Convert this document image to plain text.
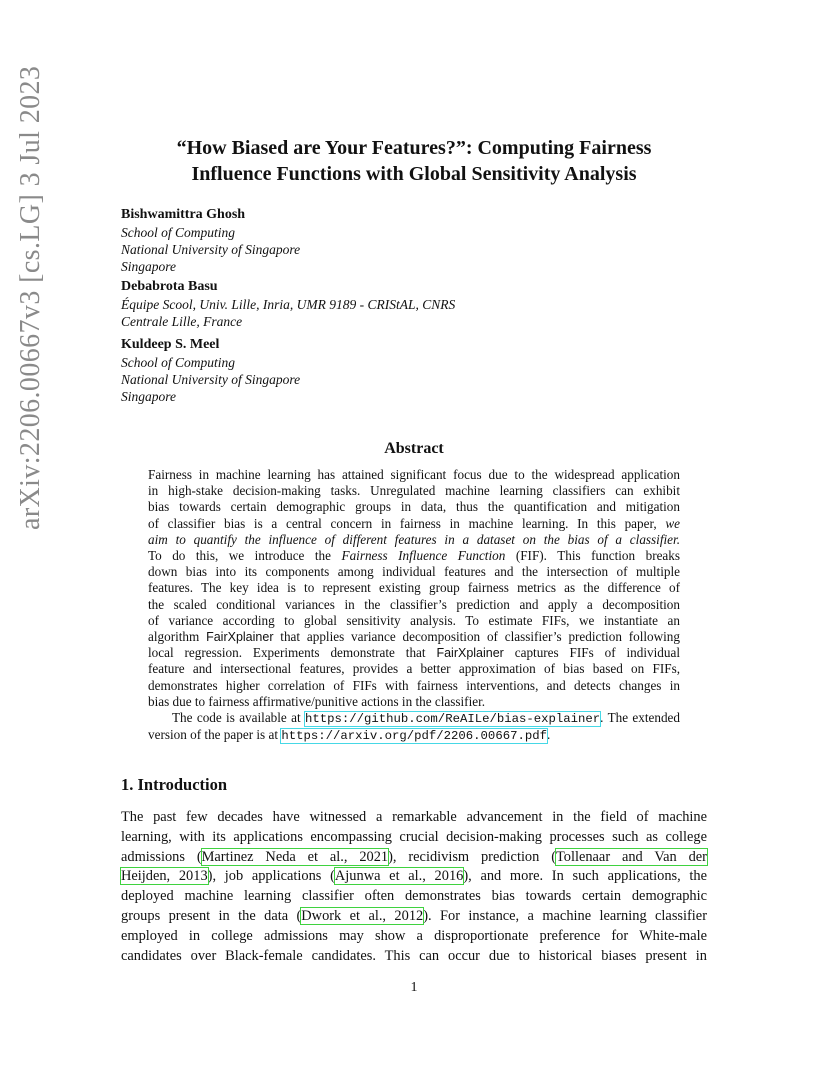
arXiv:2206.00667v3 [cs.LG] 3 Jul 2023	“How Biased are Your Features?”: Computing Fairness
Influence Functions with Global Sensitivity Analysis
Bishwamittra Ghosh
School of Computing
National University of Singapore
Singapore
Debabrota Basu
Équipe Scool, Univ. Lille, Inria, UMR 9189 - CRIStAL, CNRS
Centrale Lille, France
Kuldeep S. Meel
School of Computing
National University of Singapore
Singapore
Abstract
Fairness in machine learning has attained significant focus due to the widespread application
in high-stake decision-making tasks. Unregulated machine learning classifiers can exhibit
bias towards certain demographic groups in data, thus the quantification and mitigation
of classifier bias is a central concern in fairness in machine learning. In this paper, we
aim to quantify the influence of different features in a dataset on the bias of a classifier.
To do this, we introduce the Fairness Influence Function (FIF). This function breaks
down bias into its components among individual features and the intersection of multiple
features. The key idea is to represent existing group fairness metrics as the difference of
the scaled conditional variances in the classifier’s prediction and apply a decomposition
of variance according to global sensitivity analysis. To estimate FIFs, we instantiate an
algorithm FairXplainer that applies variance decomposition of classifier’s prediction following
local regression. Experiments demonstrate that FairXplainer captures FIFs of individual
feature and intersectional features, provides a better approximation of bias based on FIFs,
demonstrates higher correlation of FIFs with fairness interventions, and detects changes in
bias due to fairness affirmative/punitive actions in the classifier.
The code is available at https://github.com/ReAILe/bias-explainer. The extended
version of the paper is at https://arxiv.org/pdf/2206.00667.pdf.
1. Introduction
The past few decades have witnessed a remarkable advancement in the field of machine
learning, with its applications encompassing crucial decision-making processes such as college
admissions (Martinez Neda et al., 2021), recidivism prediction (Tollenaar and Van der
Heijden, 2013), job applications (Ajunwa et al., 2016), and more. In such applications, the
deployed machine learning classifier often demonstrates bias towards certain demographic
groups present in the data (Dwork et al., 2012). For instance, a machine learning classifier
employed in college admissions may show a disproportionate preference for White-male
candidates over Black-female candidates. This can occur due to historical biases present in
1
